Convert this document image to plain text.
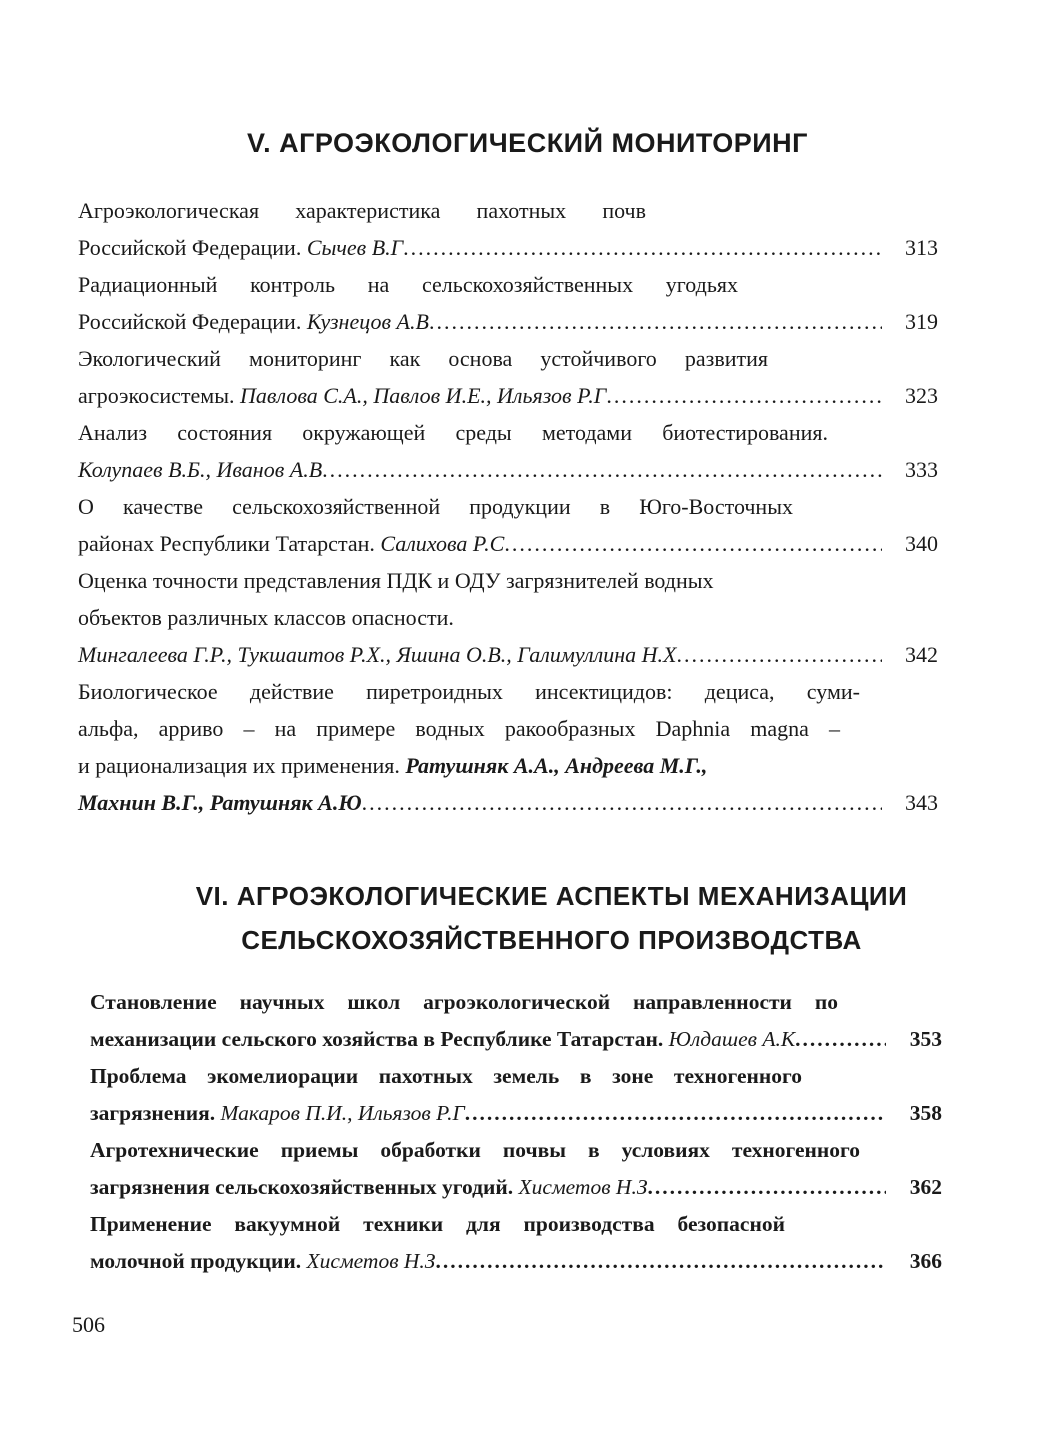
V. АГРОЭКОЛОГИЧЕСКИЙ МОНИТОРИНГ
Агроэкологическая характеристика пахотных почв
Российской Федерации. Сычев В.Г .....	313
Радиационный контроль на сельскохозяйственных угодьях
Российской Федерации. Кузнецов А.В .....	319
Экологический мониторинг как основа устойчивого развития
агроэкосистемы. Павлова С.А., Павлов И.Е., Ильязов Р.Г .....	323
Анализ состояния окружающей среды методами биотестирования.
Колупаев В.Б., Иванов А.В .....	333
О качестве сельскохозяйственной продукции в Юго-Восточных
районах Республики Татарстан. Салихова Р.С .....	340
Оценка точности представления ПДК и ОДУ загрязнителей водных
объектов различных классов опасности.
Мингалеева Г.Р., Тукшаитов Р.Х., Яшина О.В., Галимуллина Н.Х .....	342
Биологическое действие пиретроидных инсектицидов: дециса, суми-
альфа, арриво – на примере водных ракообразных Daphnia magna –
и рационализация их применения. Ратушняк А.А., Андреева М.Г.,
Махнин В.Г., Ратушняк А.Ю .....	343
VI. АГРОЭКОЛОГИЧЕСКИЕ АСПЕКТЫ МЕХАНИЗАЦИИ
СЕЛЬСКОХОЗЯЙСТВЕННОГО ПРОИЗВОДСТВА
Становление научных школ агроэкологической направленности по
механизации сельского хозяйства в Республике Татарстан. Юлдашев А.К .....	353
Проблема экомелиорации пахотных земель в зоне техногенного
загрязнения. Макаров П.И., Ильязов Р.Г .....	358
Агротехнические приемы обработки почвы в условиях техногенного
загрязнения сельскохозяйственных угодий. Хисметов Н.З .....	362
Применение вакуумной техники для производства безопасной
молочной продукции. Хисметов Н.З .....	366
506
